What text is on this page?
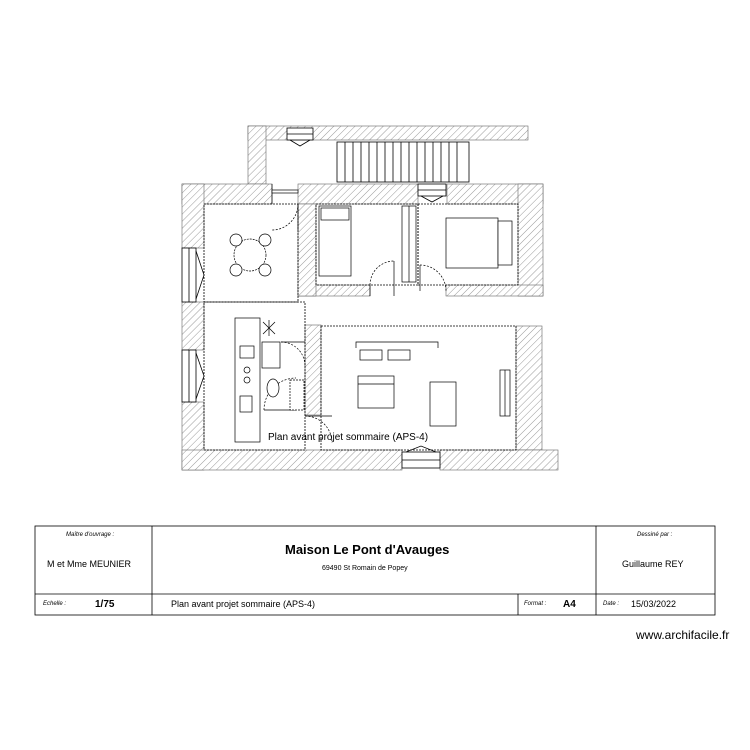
Plan avant projet sommaire (APS-4)
Maître d'ouvrage :
M et Mme MEUNIER
Maison Le Pont d'Avauges
69490 St Romain de Popey
Dessiné par :
Guillaume REY
Echelle :	1/75	Plan avant projet sommaire (APS-4)	Format : A4	Date : 15/03/2022
www.archifacile.fr
